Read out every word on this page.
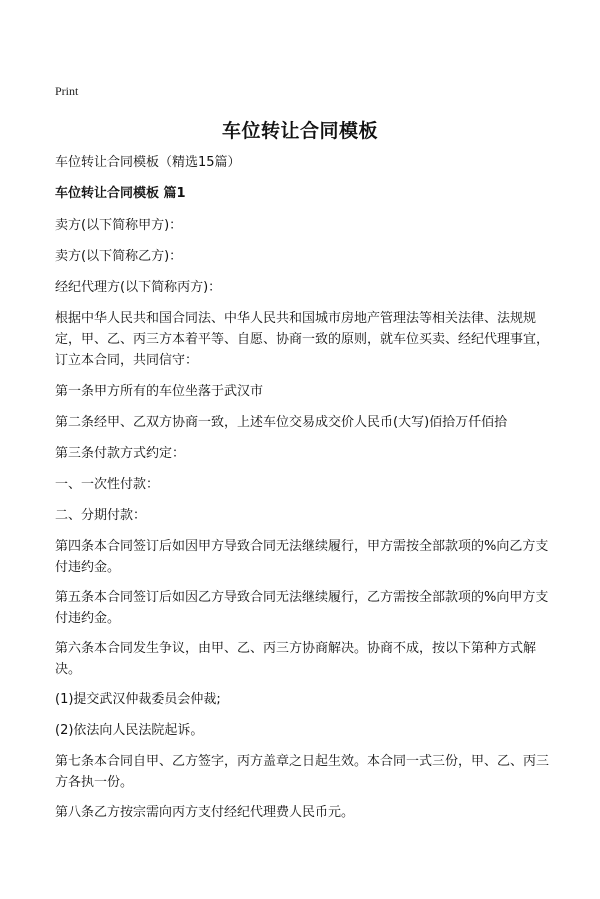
Print
车位转让合同模板

车位转让合同模板（精选15篇）

车位转让合同模板 篇1

卖方(以下简称甲方)：

卖方(以下简称乙方)：

经纪代理方(以下简称丙方)：

根据中华人民共和国合同法、中华人民共和国城市房地产管理法等相关法律、法规规定，甲、乙、丙三方本着平等、自愿、协商一致的原则，就车位买卖、经纪代理事宜，订立本合同，共同信守：

第一条甲方所有的车位坐落于武汉市

第二条经甲、乙双方协商一致，上述车位交易成交价人民币(大写)佰拾万仟佰拾

第三条付款方式约定：

一、一次性付款：

二、分期付款：

第四条本合同签订后如因甲方导致合同无法继续履行，甲方需按全部款项的%向乙方支付违约金。

第五条本合同签订后如因乙方导致合同无法继续履行，乙方需按全部款项的%向甲方支付违约金。

第六条本合同发生争议，由甲、乙、丙三方协商解决。协商不成，按以下第种方式解决。

(1)提交武汉仲裁委员会仲裁;

(2)依法向人民法院起诉。

第七条本合同自甲、乙方签字，丙方盖章之日起生效。本合同一式三份，甲、乙、丙三方各执一份。

第八条乙方按宗需向丙方支付经纪代理费人民币元。
